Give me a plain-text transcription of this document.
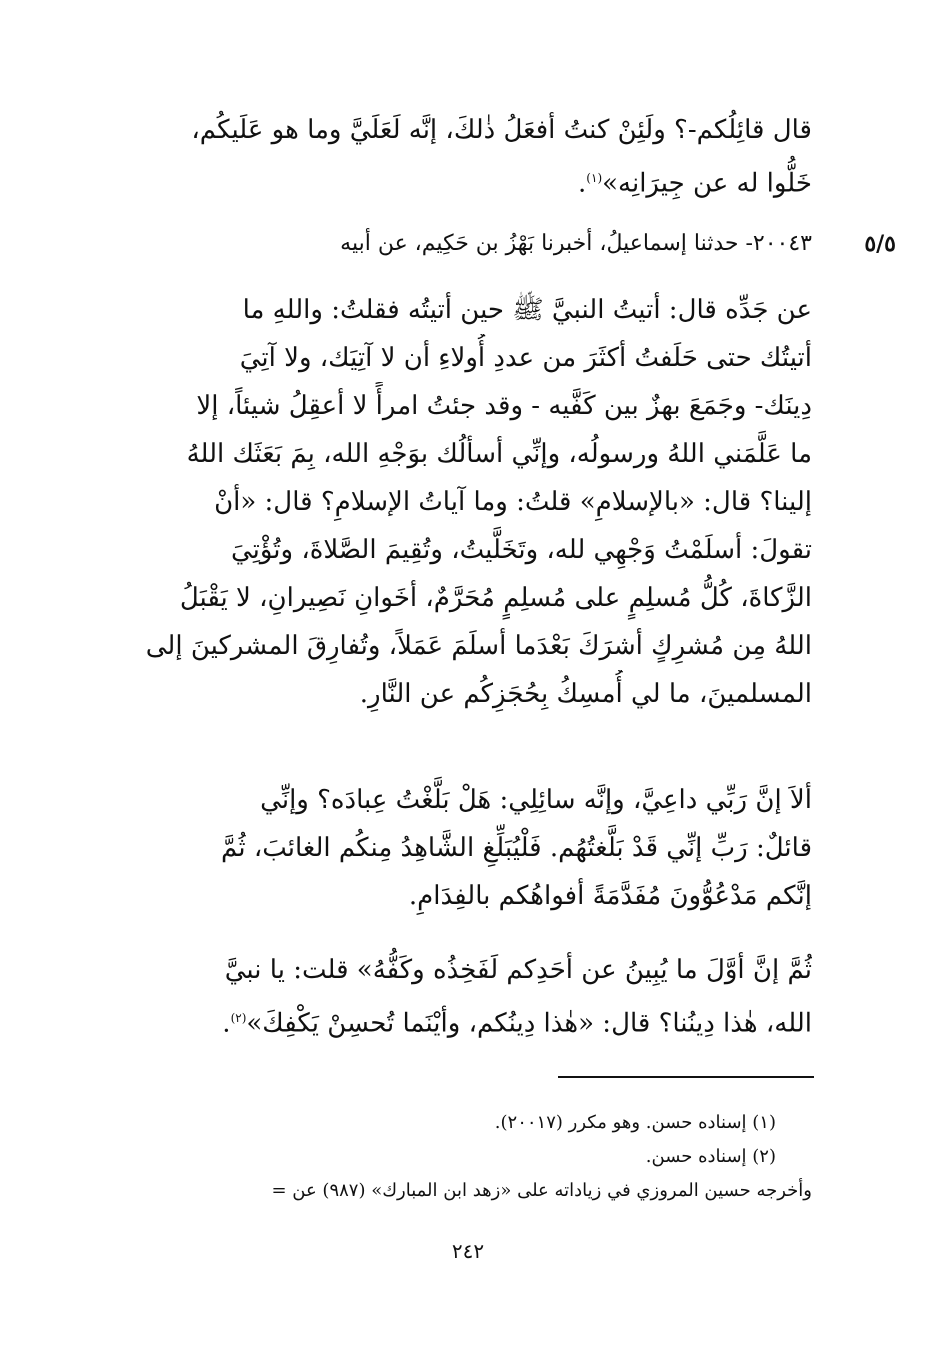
قال قائِلُكم-؟ ولَئِنْ كنتُ أفعَلُ ذٰلكَ، إنَّه لَعَلَيَّ وما هو عَلَيكُم،
خَلُّوا له عن جِيرَانِه»$^{(١)}$.
٥/٥
٢٠٠٤٣- حدثنا إسماعيلُ، أخبرنا بَهْزُ بن حَكِيم، عن أبيه
عن جَدِّه قال: أتيتُ النبيَّ ﷺ حين أتيتُه فقلتُ: واللهِ ما
أتيتُك حتى حَلَفتُ أكثَرَ من عددِ أُولاءِ أن لا آتِيَك، ولا آتِيَ
دِينَك- وجَمَعَ بهزٌ بين كَفَّيه - وقد جئتُ امرأً لا أعقِلُ شيئاً، إلا
ما عَلَّمَني اللهُ ورسولُه، وإنِّي أسألُك بوَجْهِ الله، بِمَ بَعَثَك اللهُ
إلينا؟ قال: «بالإسلامِ» قلتُ: وما آياتُ الإسلامِ؟ قال: «أنْ
تقولَ: أسلَمْتُ وَجْهِي لله، وتَخَلَّيتُ، وتُقِيمَ الصَّلاةَ، وتُؤْتِيَ
الزَّكاةَ، كُلُّ مُسلِمٍ على مُسلِمٍ مُحَرَّمٌ، أخَوانِ نَصِيرانِ، لا يَقْبَلُ
اللهُ مِن مُشرِكٍ أشرَكَ بَعْدَما أسلَمَ عَمَلاً، وتُفارِقَ المشركينَ إلى
المسلمينَ، ما لي أُمسِكُ بِحُجَزِكُم عن النَّارِ.
ألاَ إنَّ رَبِّي داعِيَّ، وإنَّه سائِلِي: هَلْ بَلَّغْتُ عِبادَه؟ وإنِّي
قائلٌ: رَبِّ إنِّي قَدْ بَلَّغتُهُم. فَلْيُبَلِّغِ الشَّاهِدُ مِنكُم الغائبَ، ثُمَّ
إنَّكم مَدْعُوُّونَ مُفَدَّمَةً أفواهُكم بالفِدَامِ.
ثُمَّ إنَّ أوَّلَ ما يُبِينُ عن أحَدِكم لَفَخِذُه وكَفُّهُ» قلت: يا نبيَّ
الله، هٰذا دِينُنا؟ قال: «هٰذا دِينُكم، وأيْنَما تُحسِنْ يَكْفِكَ»$^{(٢)}$.
(١) إسناده حسن. وهو مكرر (٢٠٠١٧).
(٢) إسناده حسن.
وأخرجه حسين المروزي في زياداته على «زهد ابن المبارك» (٩٨٧) عن =
٢٤٢
